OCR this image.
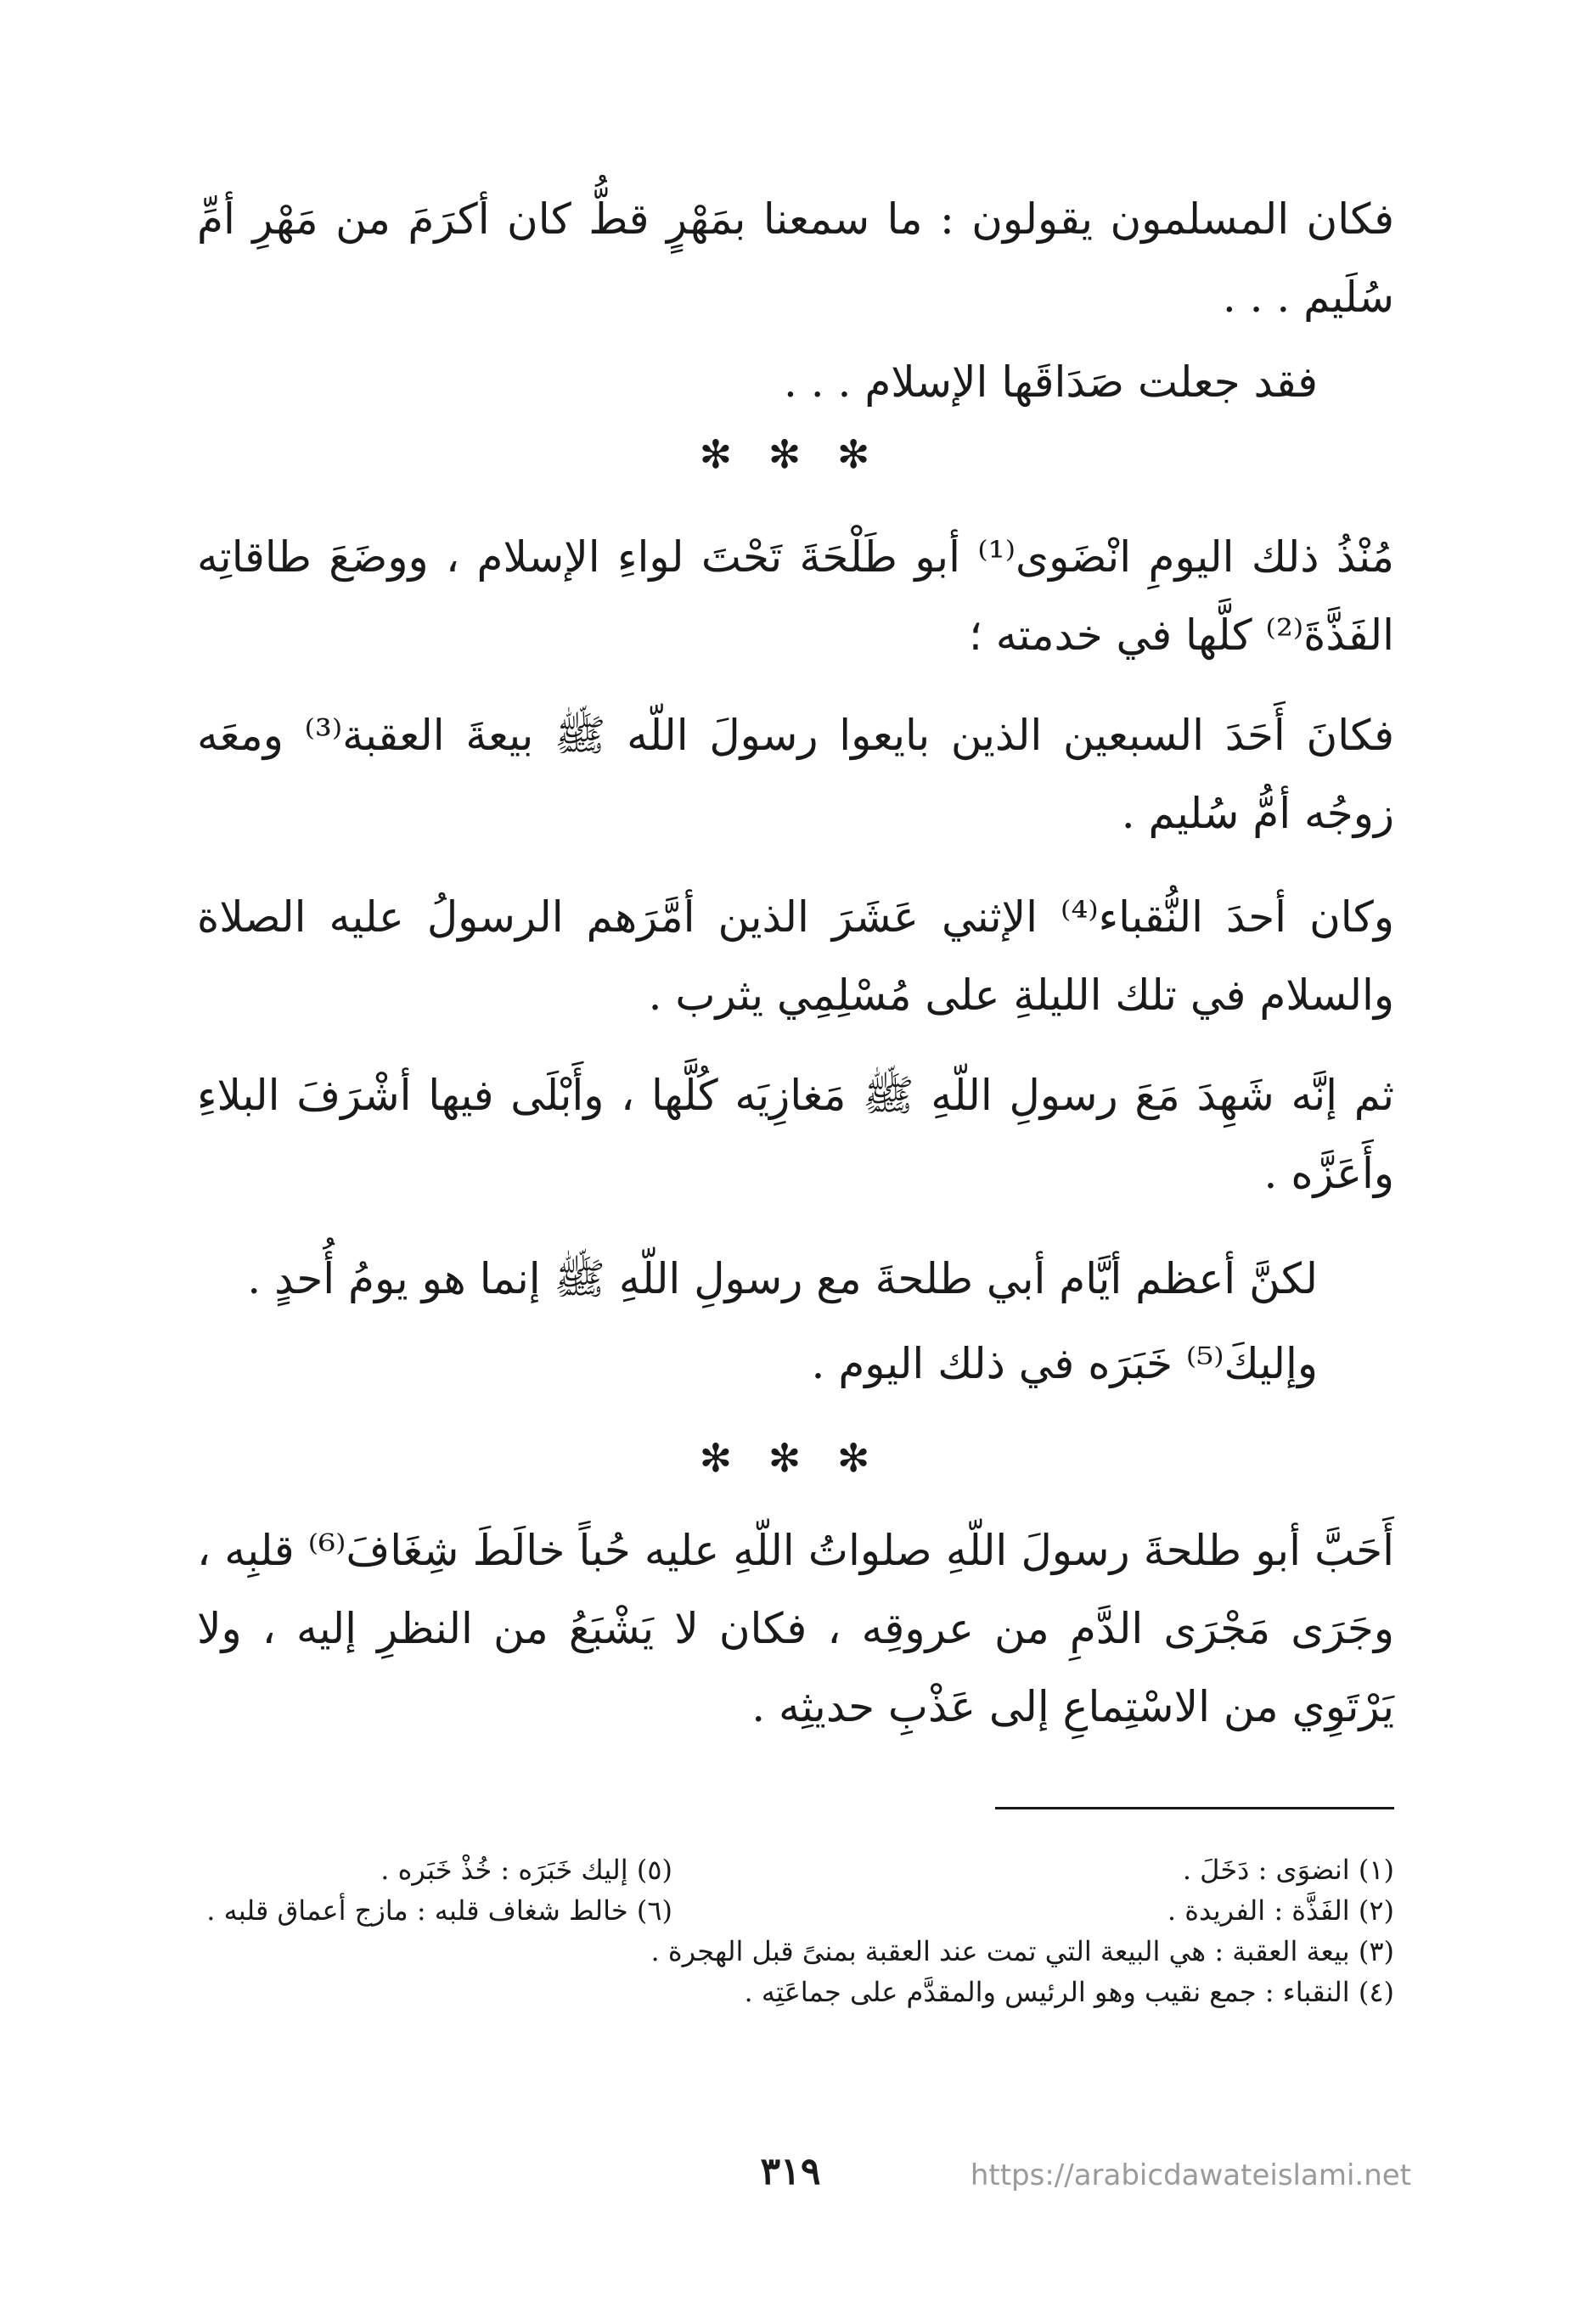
فكان المسلمون يقولون : ما سمعنا بمَهْرٍ قطُّ كان أكرَمَ من مَهْرِ أمِّ سُلَيم . . .

فقد جعلت صَدَاقَها الإسلام . . .

✻ ✻ ✻

مُنْذُ ذلك اليومِ انْضَوى⁽¹⁾ أبو طَلْحَةَ تَحْتَ لواءِ الإسلام ، ووضَعَ طاقاتِه الفَذَّةَ⁽²⁾ كلَّها في خدمته ؛

فكانَ أَحَدَ السبعين الذين بايعوا رسولَ اللّه ﷺ بيعةَ العقبة⁽³⁾ ومعَه زوجُه أمُّ سُليم .

وكان أحدَ النُّقباء⁽⁴⁾ الإثني عَشَرَ الذين أمَّرَهم الرسولُ عليه الصلاة والسلام في تلك الليلةِ على مُسْلِمِي يثرب .

ثم إنَّه شَهِدَ مَعَ رسولِ اللّهِ ﷺ مَغازِيَه كُلَّها ، وأَبْلَى فيها أشْرَفَ البلاءِ وأَعَزَّه .

لكنَّ أعظم أيَّام أبي طلحةَ مع رسولِ اللّهِ ﷺ إنما هو يومُ أُحدٍ .

وإليكَ⁽⁵⁾ خَبَرَه في ذلك اليوم .

✻ ✻ ✻

أَحَبَّ أبو طلحةَ رسولَ اللّهِ صلواتُ اللّهِ عليه حُباً خالَطَ شِغَافَ⁽⁶⁾ قلبِه ، وجَرَى مَجْرَى الدَّمِ من عروقِه ، فكان لا يَشْبَعُ من النظرِ إليه ، ولا يَرْتَوِي من الاسْتِماعِ إلى عَذْبِ حديثِه .

(١) انضوَى : دَخَلَ .

(٢) الفَذَّة : الفريدة .

(٣) بيعة العقبة : هي البيعة التي تمت عند العقبة بمنىً قبل الهجرة .

(٤) النقباء : جمع نقيب وهو الرئيس والمقدَّم على جماعَتِه .

(٥) إليك خَبَرَه : خُذْ خَبَره .

(٦) خالط شغاف قلبه : مازج أعماق قلبه .

٣١٩	https://arabicdawateislami.net
